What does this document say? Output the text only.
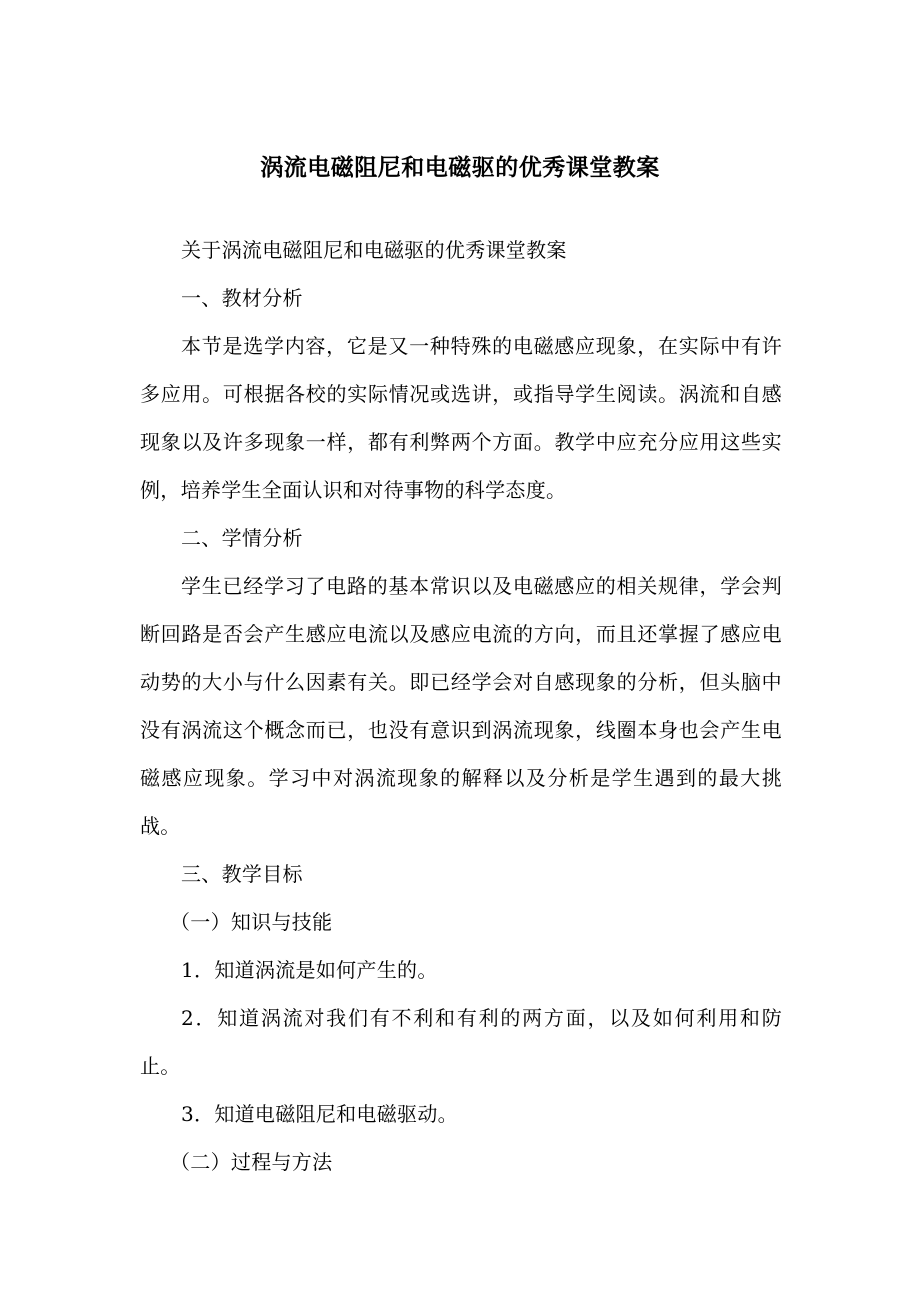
涡流电磁阻尼和电磁驱的优秀课堂教案

关于涡流电磁阻尼和电磁驱的优秀课堂教案

一、教材分析

本节是选学内容，它是又一种特殊的电磁感应现象，在实际中有许多应用。可根据各校的实际情况或选讲，或指导学生阅读。涡流和自感现象以及许多现象一样，都有利弊两个方面。教学中应充分应用这些实例，培养学生全面认识和对待事物的科学态度。

二、学情分析

学生已经学习了电路的基本常识以及电磁感应的相关规律，学会判断回路是否会产生感应电流以及感应电流的方向，而且还掌握了感应电动势的大小与什么因素有关。即已经学会对自感现象的分析，但头脑中没有涡流这个概念而已，也没有意识到涡流现象，线圈本身也会产生电磁感应现象。学习中对涡流现象的解释以及分析是学生遇到的最大挑战。

三、教学目标

（一）知识与技能

1．知道涡流是如何产生的。

2．知道涡流对我们有不利和有利的两方面，以及如何利用和防止。

3．知道电磁阻尼和电磁驱动。

（二）过程与方法
